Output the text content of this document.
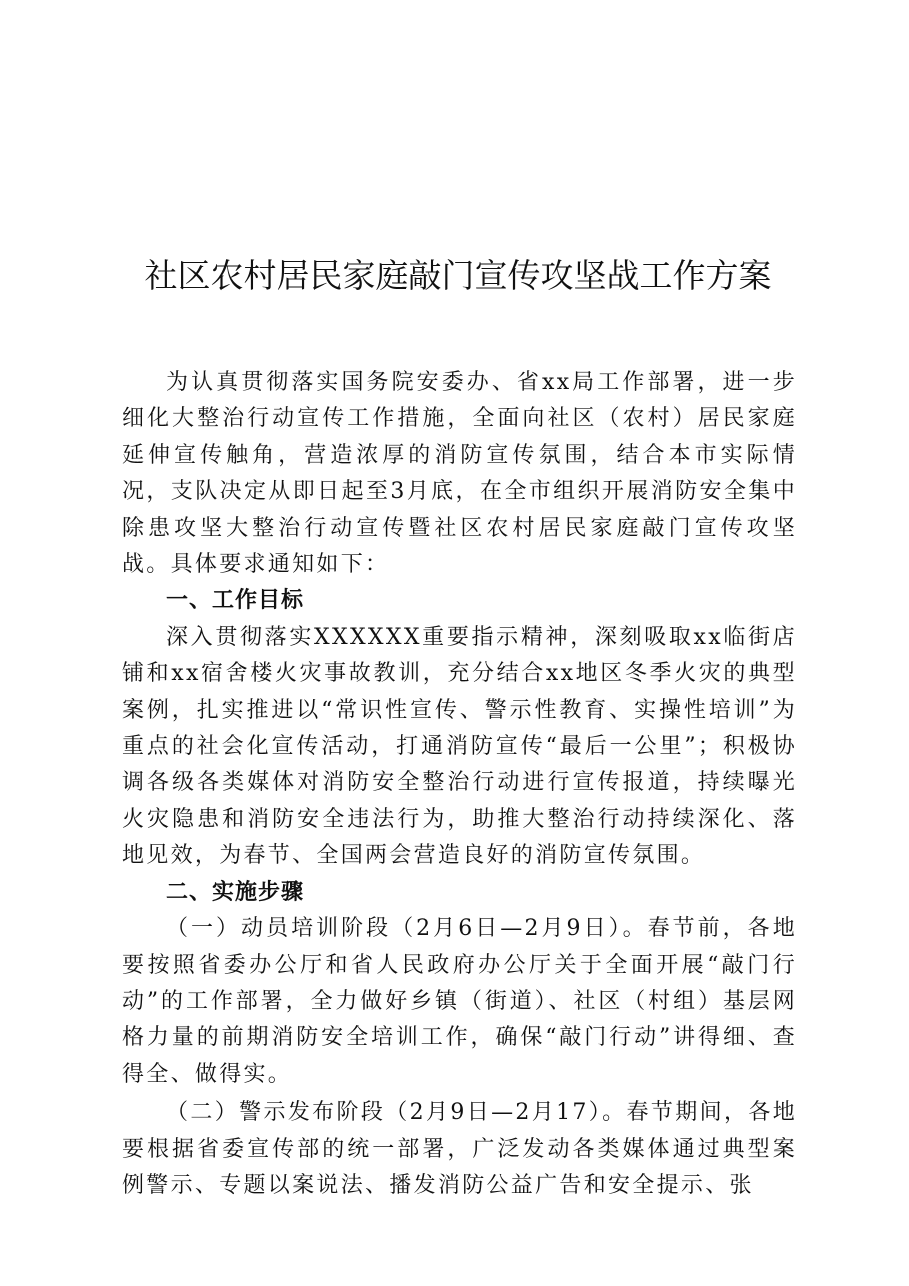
社区农村居民家庭敲门宣传攻坚战工作方案

为认真贯彻落实国务院安委办、省xx局工作部署，进一步细化大整治行动宣传工作措施，全面向社区（农村）居民家庭延伸宣传触角，营造浓厚的消防宣传氛围，结合本市实际情况，支队决定从即日起至3月底，在全市组织开展消防安全集中除患攻坚大整治行动宣传暨社区农村居民家庭敲门宣传攻坚战。具体要求通知如下：

一、工作目标

深入贯彻落实XXXXXX重要指示精神，深刻吸取xx临街店铺和xx宿舍楼火灾事故教训，充分结合xx地区冬季火灾的典型案例，扎实推进以“常识性宣传、警示性教育、实操性培训”为重点的社会化宣传活动，打通消防宣传“最后一公里”；积极协调各级各类媒体对消防安全整治行动进行宣传报道，持续曝光火灾隐患和消防安全违法行为，助推大整治行动持续深化、落地见效，为春节、全国两会营造良好的消防宣传氛围。

二、实施步骤

（一）动员培训阶段（2月6日—2月9日）。春节前，各地要按照省委办公厅和省人民政府办公厅关于全面开展“敲门行动”的工作部署，全力做好乡镇（街道）、社区（村组）基层网格力量的前期消防安全培训工作，确保“敲门行动”讲得细、查得全、做得实。

（二）警示发布阶段（2月9日—2月17）。春节期间，各地要根据省委宣传部的统一部署，广泛发动各类媒体通过典型案例警示、专题以案说法、播发消防公益广告和安全提示、张
